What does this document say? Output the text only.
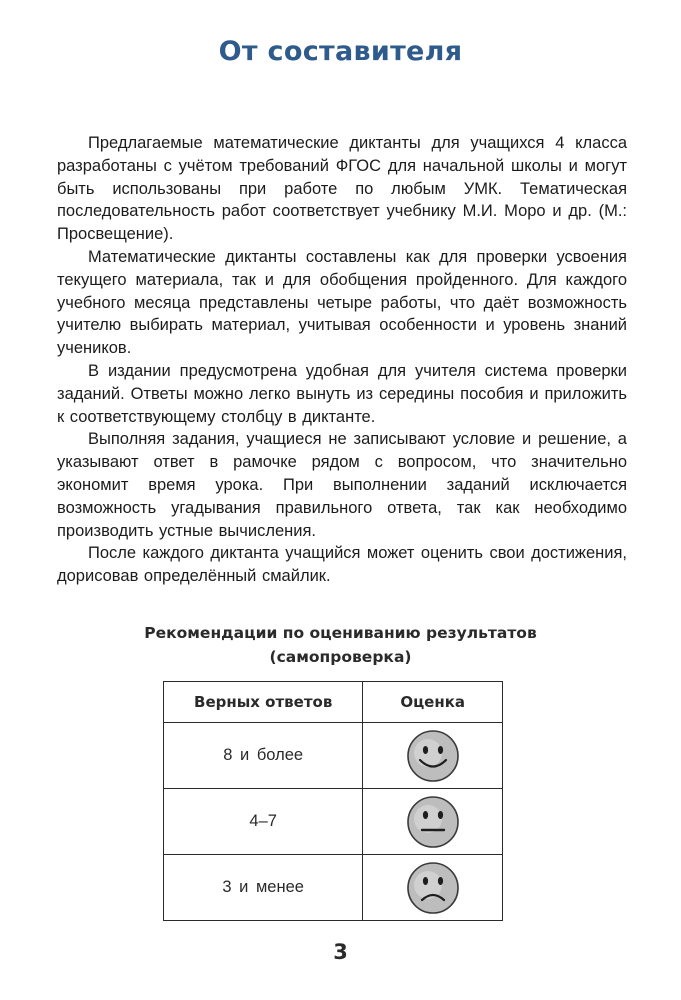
От составителя

Предлагаемые математические диктанты для учащихся 4 класса разработаны с учётом требований ФГОС для начальной школы и могут быть использованы при работе по любым УМК. Тематическая последовательность работ соответствует учебнику М.И. Моро и др. (М.: Просвещение).

Математические диктанты составлены как для проверки усвоения текущего материала, так и для обобщения пройденного. Для каждого учебного месяца представлены четыре работы, что даёт возможность учителю выбирать материал, учитывая особенности и уровень знаний учеников.

В издании предусмотрена удобная для учителя система проверки заданий. Ответы можно легко вынуть из середины пособия и приложить к соответствующему столбцу в диктанте.

Выполняя задания, учащиеся не записывают условие и решение, а указывают ответ в рамочке рядом с вопросом, что значительно экономит время урока. При выполнении заданий исключается возможность угадывания правильного ответа, так как необходимо производить устные вычисления.

После каждого диктанта учащийся может оценить свои достижения, дорисовав определённый смайлик.

Рекомендации по оцениванию результатов
(самопроверка)
Верных ответов	Оценка
8 и более	

4–7	

3 и менее	
3
